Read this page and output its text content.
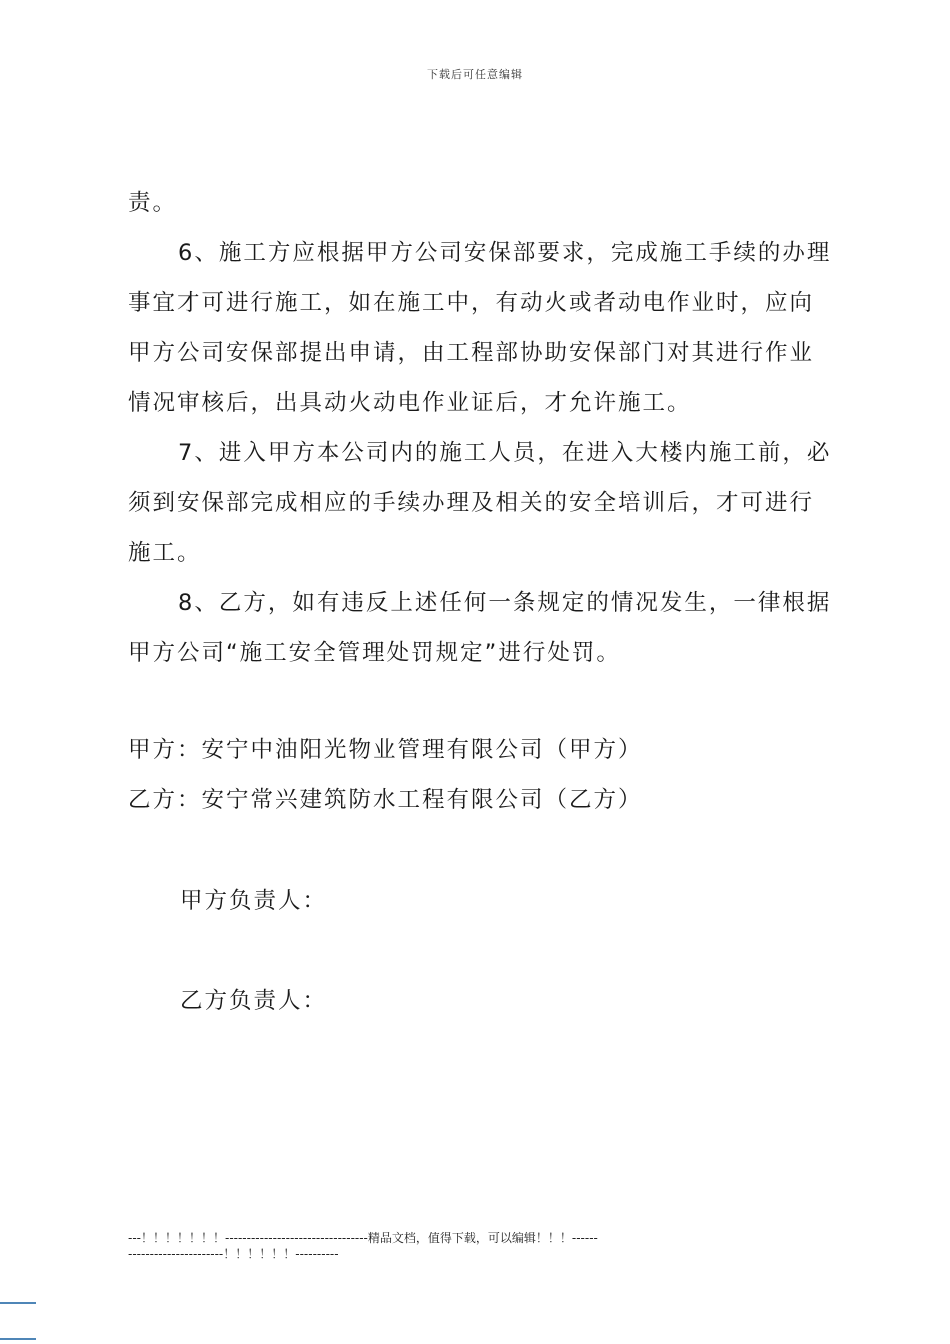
下载后可任意编辑

责。

6、施工方应根据甲方公司安保部要求，完成施工手续的办理事宜才可进行施工，如在施工中，有动火或者动电作业时，应向甲方公司安保部提出申请，由工程部协助安保部门对其进行作业情况审核后，出具动火动电作业证后，才允许施工。

7、进入甲方本公司内的施工人员，在进入大楼内施工前，必须到安保部完成相应的手续办理及相关的安全培训后，才可进行施工。

8、乙方，如有违反上述任何一条规定的情况发生，一律根据甲方公司“施工安全管理处罚规定”进行处罚。

甲方：安宁中油阳光物业管理有限公司（甲方）
乙方：安宁常兴建筑防水工程有限公司（乙方）
甲方负责人：
乙方负责人：
---！！！！！！！---------------------------------精品文档，值得下载，可以编辑！！！----------------------------！！！！！！----------
